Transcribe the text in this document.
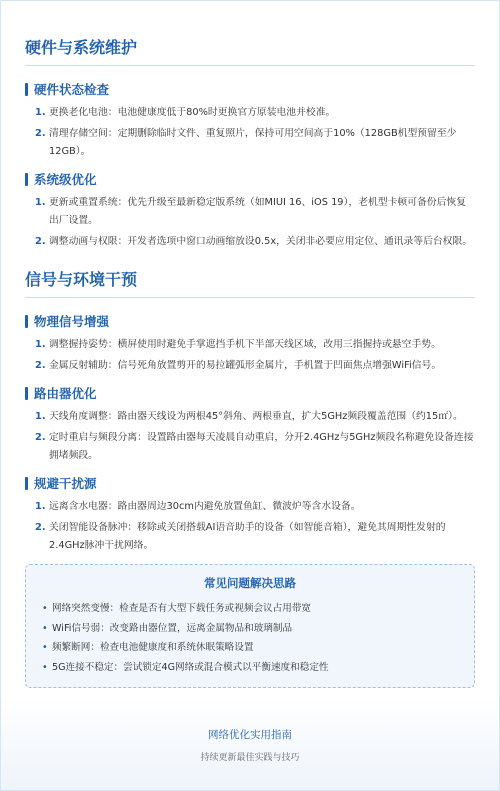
硬件与系统维护
硬件状态检查
1. 更换老化电池：电池健康度低于80%时更换官方原装电池并校准。
2. 清理存储空间：定期删除临时文件、重复照片，保持可用空间高于10%（128GB机型预留至少12GB）。
系统级优化
1. 更新或重置系统：优先升级至最新稳定版系统（如MIUI 16、iOS 19），老机型卡顿可备份后恢复出厂设置。
2. 调整动画与权限：开发者选项中窗口动画缩放设0.5x，关闭非必要应用定位、通讯录等后台权限。
信号与环境干预
物理信号增强
1. 调整握持姿势：横屏使用时避免手掌遮挡手机下半部天线区域，改用三指握持或悬空手势。
2. 金属反射辅助：信号死角放置剪开的易拉罐弧形金属片，手机置于凹面焦点增强WiFi信号。
路由器优化
1. 天线角度调整：路由器天线设为两根45°斜角、两根垂直，扩大5GHz频段覆盖范围（约15㎡）。
2. 定时重启与频段分离：设置路由器每天凌晨自动重启，分开2.4GHz与5GHz频段名称避免设备连接拥堵频段。
规避干扰源
1. 远离含水电器：路由器周边30cm内避免放置鱼缸、微波炉等含水设备。
2. 关闭智能设备脉冲：移除或关闭搭载AI语音助手的设备（如智能音箱），避免其周期性发射的2.4GHz脉冲干扰网络。
常见问题解决思路
• 网络突然变慢：检查是否有大型下载任务或视频会议占用带宽
• WiFi信号弱：改变路由器位置，远离金属物品和玻璃制品
• 频繁断网：检查电池健康度和系统休眠策略设置
• 5G连接不稳定：尝试锁定4G网络或混合模式以平衡速度和稳定性
网络优化实用指南
持续更新最佳实践与技巧
